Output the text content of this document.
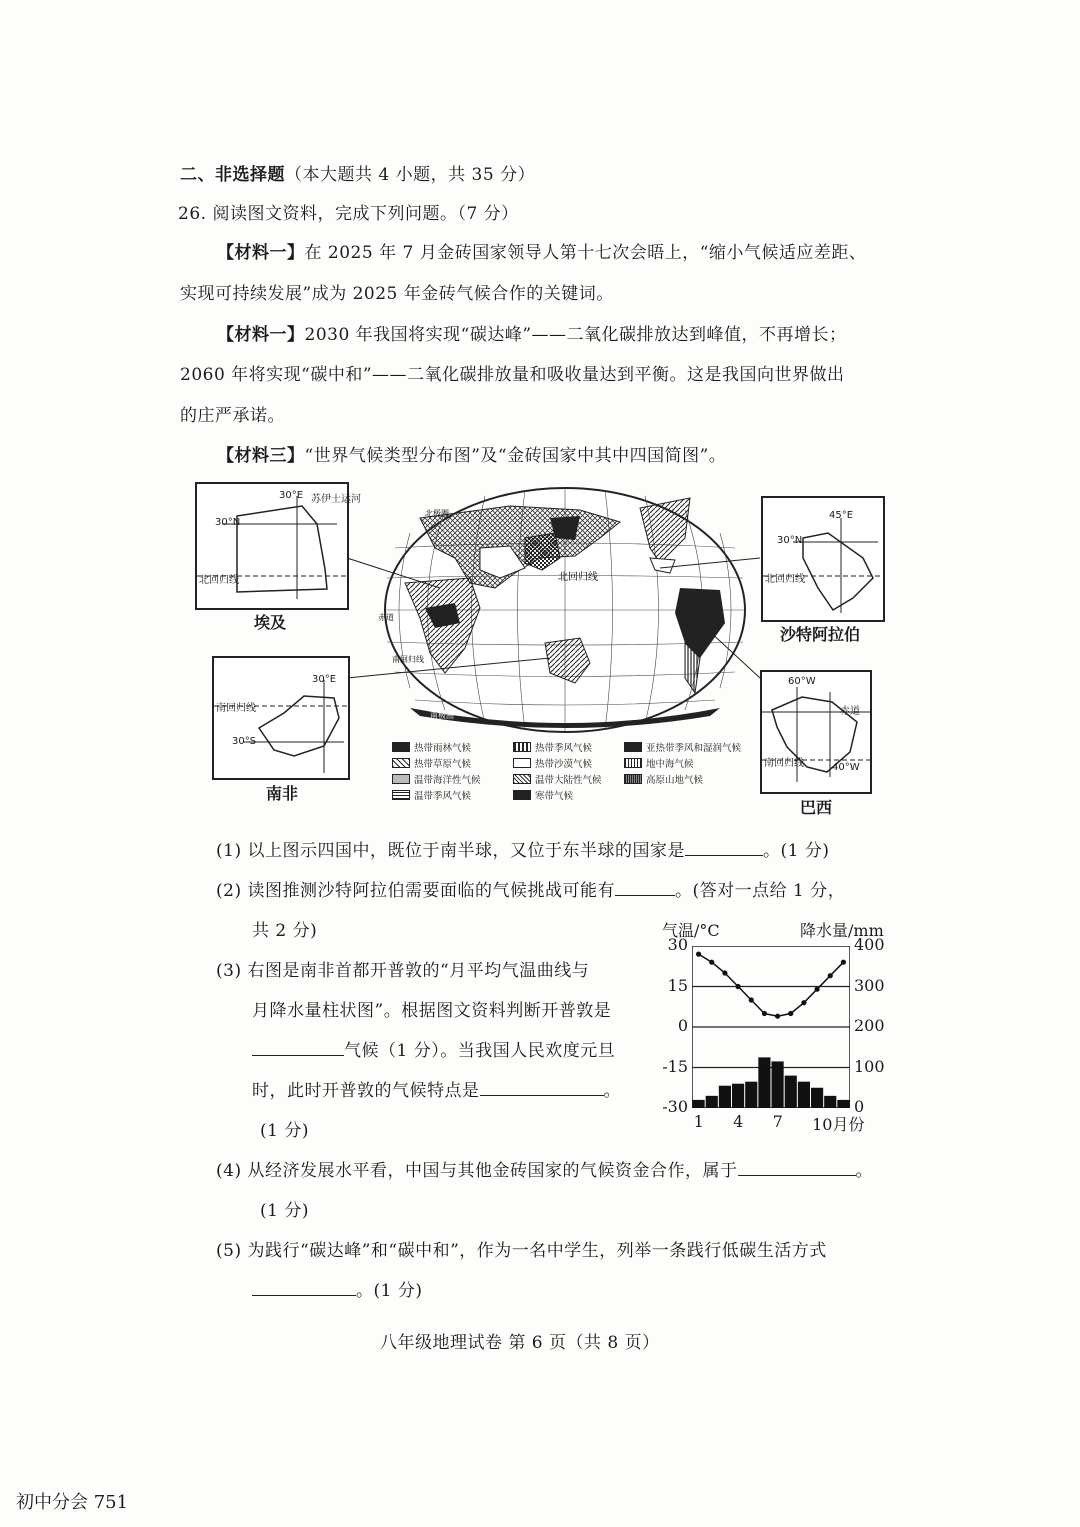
二、非选择题（本大题共 4 小题，共 35 分）
26. 阅读图文资料，完成下列问题。（7 分）
【材料一】在 2025 年 7 月金砖国家领导人第十七次会晤上，“缩小气候适应差距、
实现可持续发展”成为 2025 年金砖气候合作的关键词。
【材料一】2030 年我国将实现“碳达峰”——二氧化碳排放达到峰值，不再增长；
2060 年将实现“碳中和”——二氧化碳排放量和吸收量达到平衡。这是我国向世界做出
的庄严承诺。
【材料三】“世界气候类型分布图”及“金砖国家中其中四国简图”。
北回归线
赤道
南回归线
南极圈
北极圈
30°E
30°N
苏伊士运河
北回归线
埃及
45°E
30°N
北回归线
沙特阿拉伯
30°E
南回归线
30°S
南非
60°W
赤道
南回归线	40°W
巴西
热带雨林气候	热带季风气候	亚热带季风和湿润气候
热带草原气候	热带沙漠气候	地中海气候
温带海洋性气候	温带大陆性气候	高原山地气候
温带季风气候	寒带气候
(1) 以上图示四国中，既位于南半球，又位于东半球的国家是	。(1 分)
(2) 读图推测沙特阿拉伯需要面临的气候挑战可能有	。(答对一点给 1 分，
共 2 分)
(3) 右图是南非首都开普敦的“月平均气温曲线与
月降水量柱状图”。根据图文资料判断开普敦是
气候（1 分）。当我国人民欢度元旦
时，此时开普敦的气候特点是	。
(1 分)
气温/°C	降水量/mm
30
15
0
-15
-30
400
300
200
100
0
1 4 7 10月份
(4) 从经济发展水平看，中国与其他金砖国家的气候资金合作，属于	。
(1 分)
(5) 为践行“碳达峰”和“碳中和”，作为一名中学生，列举一条践行低碳生活方式
。(1 分)
八年级地理试卷 第 6 页（共 8 页）
初中分会 751
